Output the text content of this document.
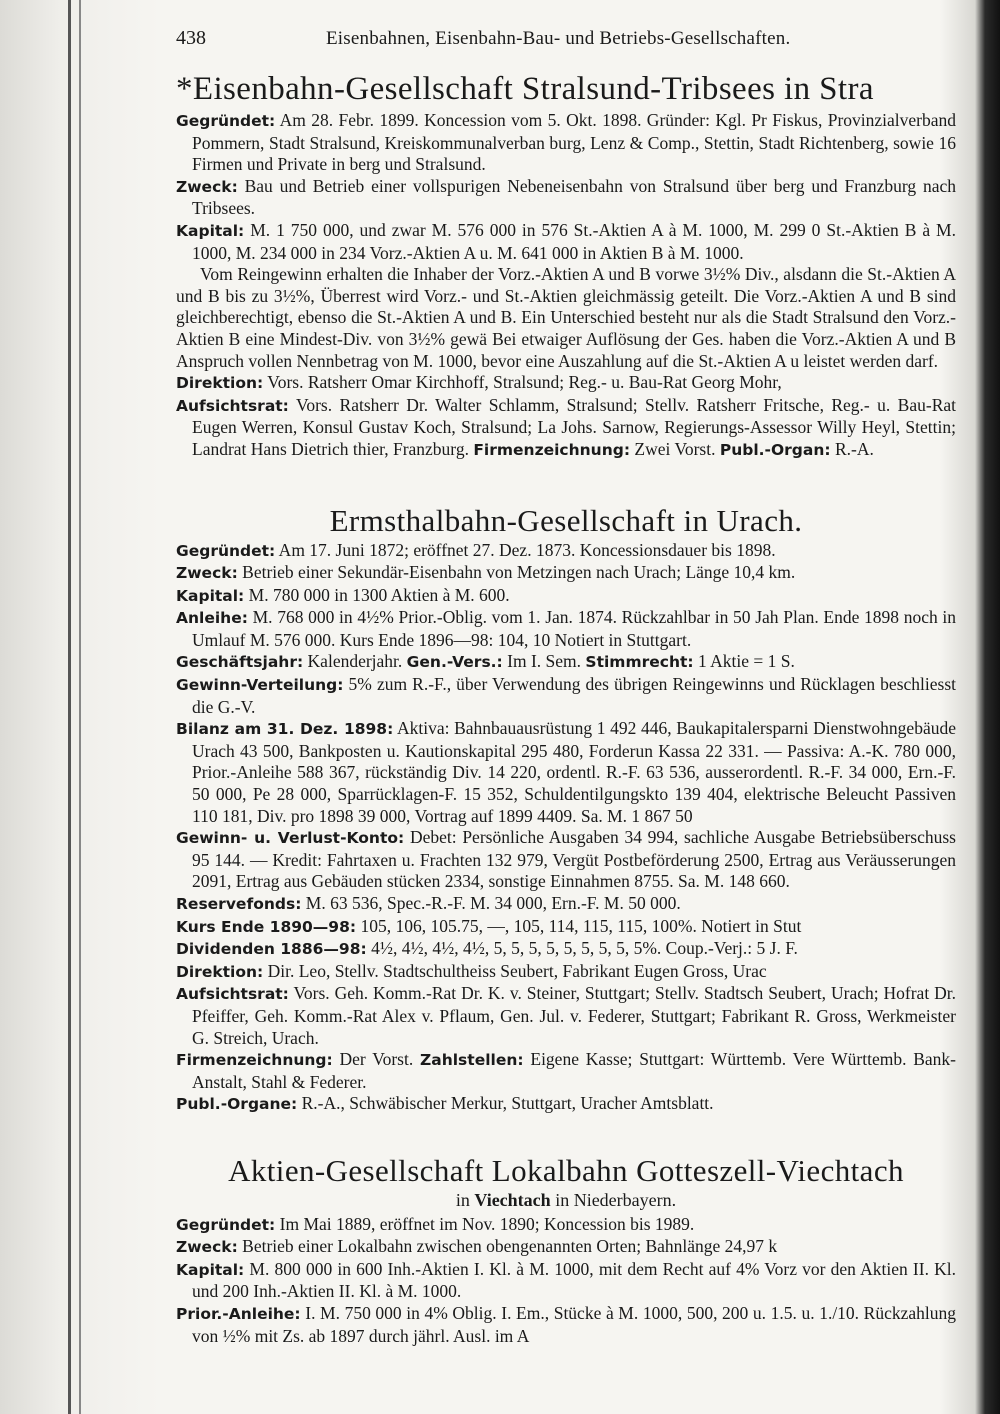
438	Eisenbahnen, Eisenbahn-Bau- und Betriebs-Gesellschaften.
*Eisenbahn-Gesellschaft Stralsund-Tribsees in Stra

Gegründet: Am 28. Febr. 1899. Koncession vom 5. Okt. 1898. Gründer: Kgl. Pr Fiskus, Provinzialverband Pommern, Stadt Stralsund, Kreiskommunalverban burg, Lenz & Comp., Stettin, Stadt Richtenberg, sowie 16 Firmen und Private in berg und Stralsund.

Zweck: Bau und Betrieb einer vollspurigen Nebeneisenbahn von Stralsund über berg und Franzburg nach Tribsees.

Kapital: M. 1 750 000, und zwar M. 576 000 in 576 St.-Aktien A à M. 1000, M. 299 0 St.-Aktien B à M. 1000, M. 234 000 in 234 Vorz.-Aktien A u. M. 641 000 in Aktien B à M. 1000.

Vom Reingewinn erhalten die Inhaber der Vorz.-Aktien A und B vorwe 3½% Div., alsdann die St.-Aktien A und B bis zu 3½%, Überrest wird Vorz.- und St.-Aktien gleichmässig geteilt. Die Vorz.-Aktien A und B sind gleichberechtigt, ebenso die St.-Aktien A und B. Ein Unterschied besteht nur als die Stadt Stralsund den Vorz.-Aktien B eine Mindest-Div. von 3½% gewä Bei etwaiger Auflösung der Ges. haben die Vorz.-Aktien A und B Anspruch vollen Nennbetrag von M. 1000, bevor eine Auszahlung auf die St.-Aktien A u leistet werden darf.

Direktion: Vors. Ratsherr Omar Kirchhoff, Stralsund; Reg.- u. Bau-Rat Georg Mohr,

Aufsichtsrat: Vors. Ratsherr Dr. Walter Schlamm, Stralsund; Stellv. Ratsherr Fritsche, Reg.- u. Bau-Rat Eugen Werren, Konsul Gustav Koch, Stralsund; La Johs. Sarnow, Regierungs-Assessor Willy Heyl, Stettin; Landrat Hans Dietrich thier, Franzburg. Firmenzeichnung: Zwei Vorst. Publ.-Organ: R.-A.

Ermsthalbahn-Gesellschaft in Urach.

Gegründet: Am 17. Juni 1872; eröffnet 27. Dez. 1873. Koncessionsdauer bis 1898.

Zweck: Betrieb einer Sekundär-Eisenbahn von Metzingen nach Urach; Länge 10,4 km.

Kapital: M. 780 000 in 1300 Aktien à M. 600.

Anleihe: M. 768 000 in 4½% Prior.-Oblig. vom 1. Jan. 1874. Rückzahlbar in 50 Jah Plan. Ende 1898 noch in Umlauf M. 576 000. Kurs Ende 1896—98: 104, 10 Notiert in Stuttgart.

Geschäftsjahr: Kalenderjahr. Gen.-Vers.: Im I. Sem. Stimmrecht: 1 Aktie = 1 S.

Gewinn-Verteilung: 5% zum R.-F., über Verwendung des übrigen Reingewinns und Rücklagen beschliesst die G.-V.

Bilanz am 31. Dez. 1898: Aktiva: Bahnbauausrüstung 1 492 446, Baukapitalersparni Dienstwohngebäude Urach 43 500, Bankposten u. Kautionskapital 295 480, Forderun Kassa 22 331. — Passiva: A.-K. 780 000, Prior.-Anleihe 588 367, rückständig Div. 14 220, ordentl. R.-F. 63 536, ausserordentl. R.-F. 34 000, Ern.-F. 50 000, Pe 28 000, Sparrücklagen-F. 15 352, Schuldentilgungskto 139 404, elektrische Beleucht Passiven 110 181, Div. pro 1898 39 000, Vortrag auf 1899 4409. Sa. M. 1 867 50

Gewinn- u. Verlust-Konto: Debet: Persönliche Ausgaben 34 994, sachliche Ausgabe Betriebsüberschuss 95 144. — Kredit: Fahrtaxen u. Frachten 132 979, Vergüt Postbeförderung 2500, Ertrag aus Veräusserungen 2091, Ertrag aus Gebäuden stücken 2334, sonstige Einnahmen 8755. Sa. M. 148 660.

Reservefonds: M. 63 536, Spec.-R.-F. M. 34 000, Ern.-F. M. 50 000.

Kurs Ende 1890—98: 105, 106, 105.75, —, 105, 114, 115, 115, 100%. Notiert in Stut

Dividenden 1886—98: 4½, 4½, 4½, 4½, 5, 5, 5, 5, 5, 5, 5, 5, 5%. Coup.-Verj.: 5 J. F.

Direktion: Dir. Leo, Stellv. Stadtschultheiss Seubert, Fabrikant Eugen Gross, Urac

Aufsichtsrat: Vors. Geh. Komm.-Rat Dr. K. v. Steiner, Stuttgart; Stellv. Stadtsch Seubert, Urach; Hofrat Dr. Pfeiffer, Geh. Komm.-Rat Alex v. Pflaum, Gen. Jul. v. Federer, Stuttgart; Fabrikant R. Gross, Werkmeister G. Streich, Urach.

Firmenzeichnung: Der Vorst. Zahlstellen: Eigene Kasse; Stuttgart: Württemb. Vere Württemb. Bank-Anstalt, Stahl & Federer.

Publ.-Organe: R.-A., Schwäbischer Merkur, Stuttgart, Uracher Amtsblatt.

Aktien-Gesellschaft Lokalbahn Gotteszell-Viechtach
in Viechtach in Niederbayern.

Gegründet: Im Mai 1889, eröffnet im Nov. 1890; Koncession bis 1989.

Zweck: Betrieb einer Lokalbahn zwischen obengenannten Orten; Bahnlänge 24,97 k

Kapital: M. 800 000 in 600 Inh.-Aktien I. Kl. à M. 1000, mit dem Recht auf 4% Vorz vor den Aktien II. Kl. und 200 Inh.-Aktien II. Kl. à M. 1000.

Prior.-Anleihe: I. M. 750 000 in 4% Oblig. I. Em., Stücke à M. 1000, 500, 200 u. 1.5. u. 1./10. Rückzahlung von ½% mit Zs. ab 1897 durch jährl. Ausl. im A
